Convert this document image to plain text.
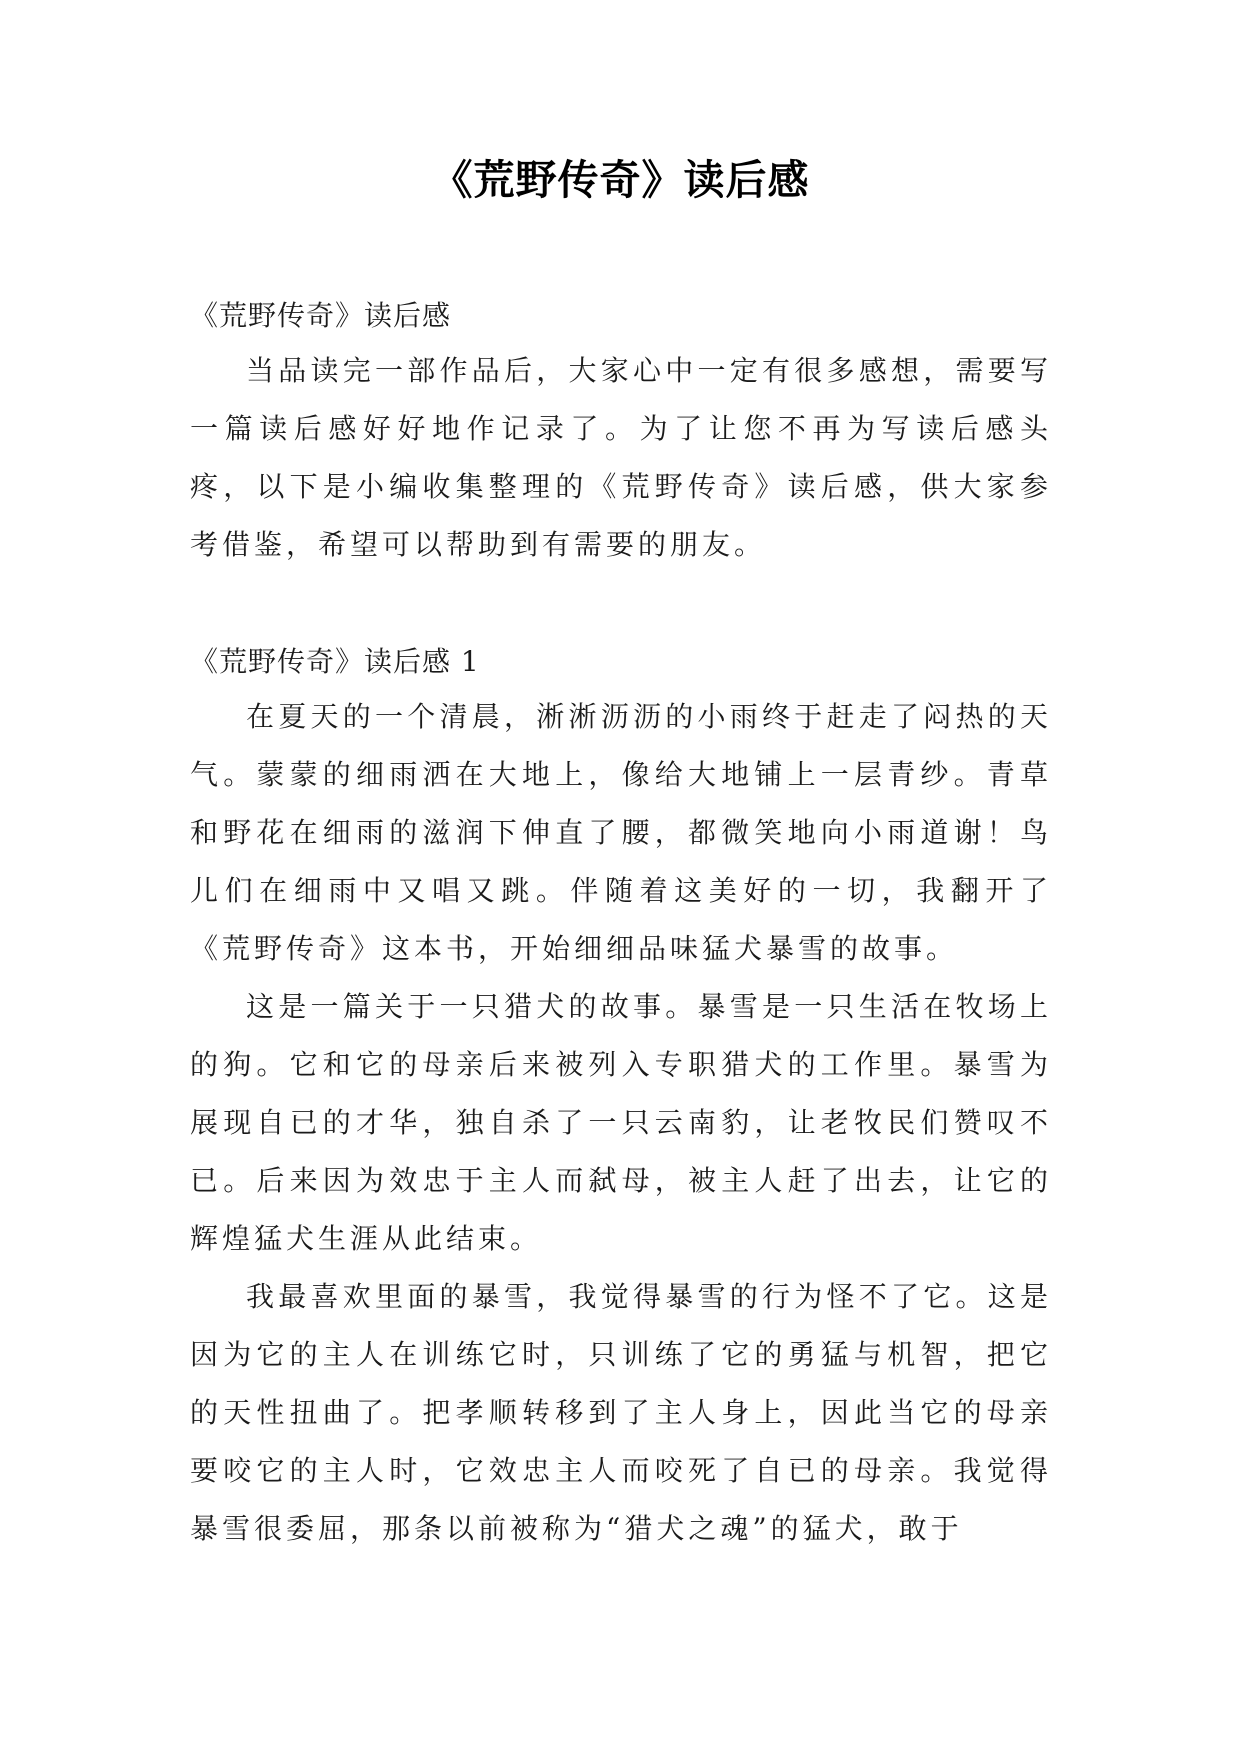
《荒野传奇》读后感
《荒野传奇》读后感

当品读完一部作品后，大家心中一定有很多感想，需要写一篇读后感好好地作记录了。为了让您不再为写读后感头疼，以下是小编收集整理的《荒野传奇》读后感，供大家参考借鉴，希望可以帮助到有需要的朋友。

《荒野传奇》读后感 1

在夏天的一个清晨，淅淅沥沥的小雨终于赶走了闷热的天气。蒙蒙的细雨洒在大地上，像给大地铺上一层青纱。青草和野花在细雨的滋润下伸直了腰，都微笑地向小雨道谢！鸟儿们在细雨中又唱又跳。伴随着这美好的一切，我翻开了《荒野传奇》这本书，开始细细品味猛犬暴雪的故事。

这是一篇关于一只猎犬的故事。暴雪是一只生活在牧场上的狗。它和它的母亲后来被列入专职猎犬的工作里。暴雪为展现自已的才华，独自杀了一只云南豹，让老牧民们赞叹不已。后来因为效忠于主人而弑母，被主人赶了出去，让它的辉煌猛犬生涯从此结束。

我最喜欢里面的暴雪，我觉得暴雪的行为怪不了它。这是因为它的主人在训练它时，只训练了它的勇猛与机智，把它的天性扭曲了。把孝顺转移到了主人身上，因此当它的母亲要咬它的主人时，它效忠主人而咬死了自已的母亲。我觉得暴雪很委屈，那条以前被称为“猎犬之魂”的猛犬，敢于
